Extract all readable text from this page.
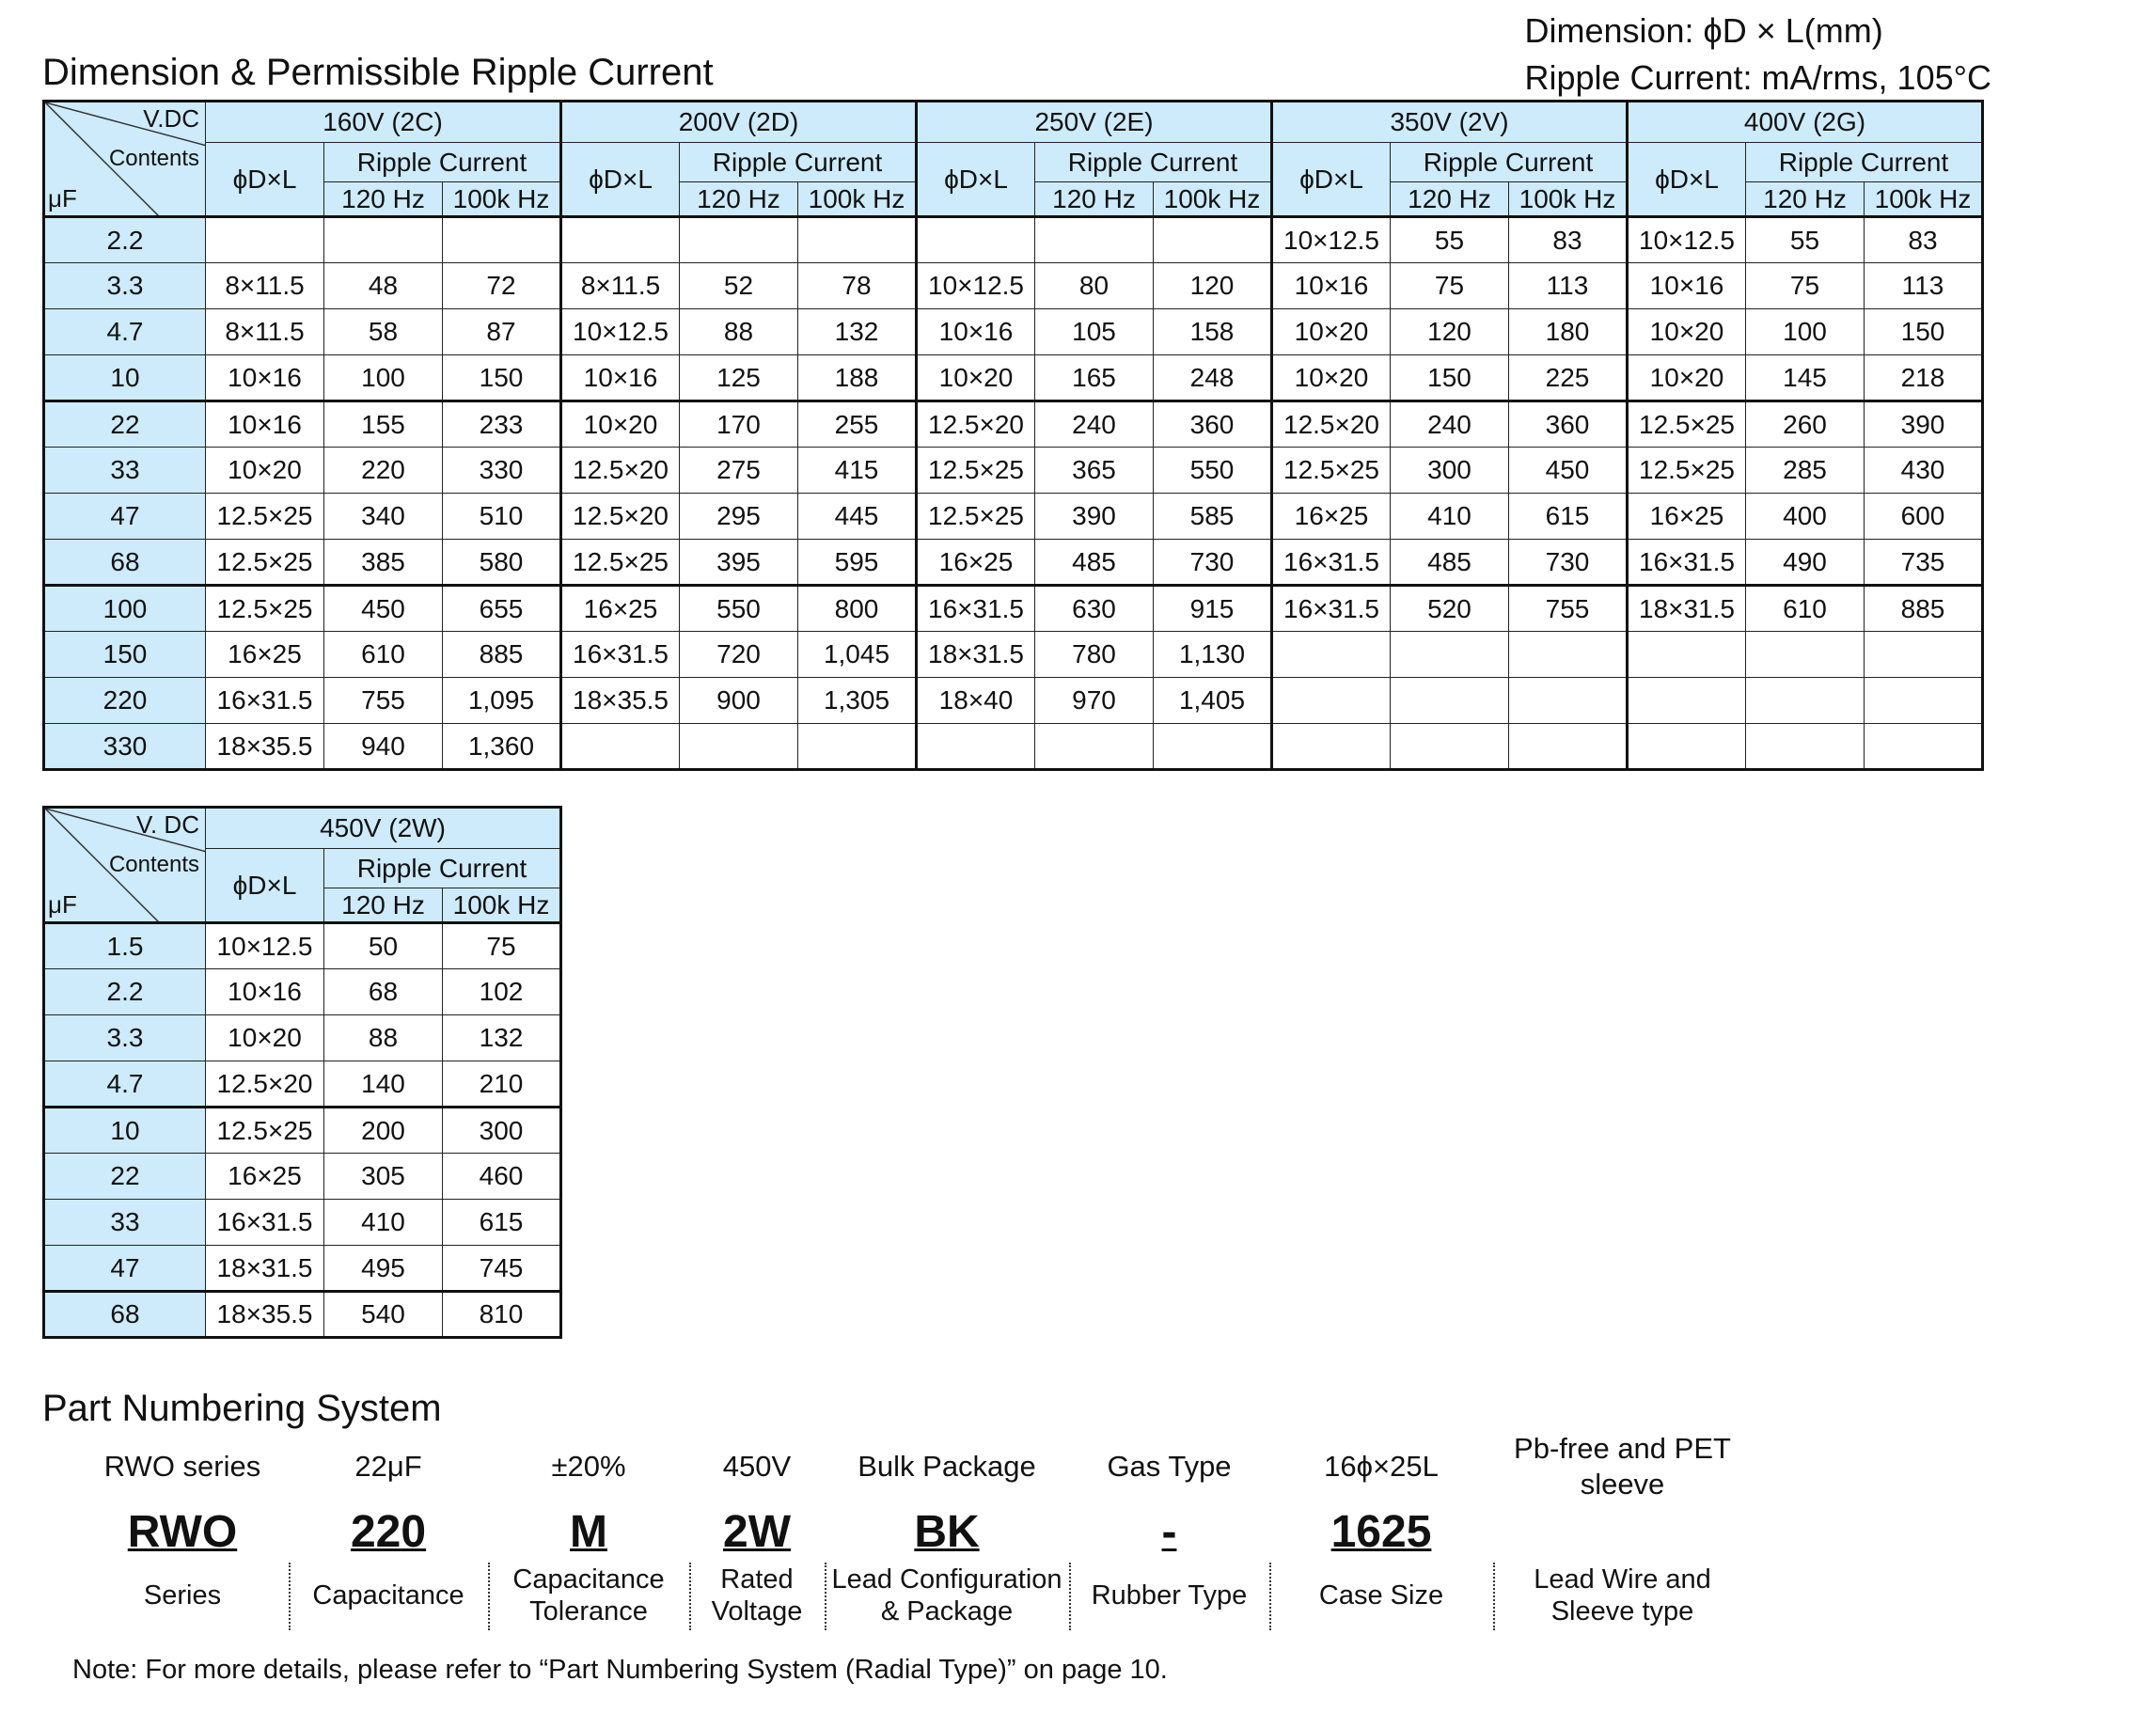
Dimension & Permissible Ripple Current
Dimension: ϕD × L(mm)
Ripple Current: mA/rms, 105°C
V.DC
Contents
μF	160V (2C)			200V (2D)			250V (2E)			350V (2V)			400V (2G)		
	ϕD×L	Ripple Current		ϕD×L	Ripple Current		ϕD×L	Ripple Current		ϕD×L	Ripple Current		ϕD×L	Ripple Current	
		120 Hz	100k Hz		120 Hz	100k Hz		120 Hz	100k Hz		120 Hz	100k Hz		120 Hz	100k Hz
2.2										10×12.5	55	83	10×12.5	55	83
3.3	8×11.5	48	72	8×11.5	52	78	10×12.5	80	120	10×16	75	113	10×16	75	113
4.7	8×11.5	58	87	10×12.5	88	132	10×16	105	158	10×20	120	180	10×20	100	150
10	10×16	100	150	10×16	125	188	10×20	165	248	10×20	150	225	10×20	145	218
22	10×16	155	233	10×20	170	255	12.5×20	240	360	12.5×20	240	360	12.5×25	260	390
33	10×20	220	330	12.5×20	275	415	12.5×25	365	550	12.5×25	300	450	12.5×25	285	430
47	12.5×25	340	510	12.5×20	295	445	12.5×25	390	585	16×25	410	615	16×25	400	600
68	12.5×25	385	580	12.5×25	395	595	16×25	485	730	16×31.5	485	730	16×31.5	490	735
100	12.5×25	450	655	16×25	550	800	16×31.5	630	915	16×31.5	520	755	18×31.5	610	885
150	16×25	610	885	16×31.5	720	1,045	18×31.5	780	1,130						
220	16×31.5	755	1,095	18×35.5	900	1,305	18×40	970	1,405						
330	18×35.5	940	1,360												
V. DC
Contents
μF	450V (2W)		
	ϕD×L	Ripple Current	
		120 Hz	100k Hz
1.5	10×12.5	50	75
2.2	10×16	68	102
3.3	10×20	88	132
4.7	12.5×20	140	210
10	12.5×25	200	300
22	16×25	305	460
33	16×31.5	410	615
47	18×31.5	495	745
68	18×35.5	540	810
Part Numbering System
RWO series
RWO
Series
22μF
220
Capacitance
±20%
M
Capacitance Tolerance
450V
2W
Rated Voltage
Bulk Package
BK
Lead Configuration & Package
Gas Type
-
Rubber Type
16ϕ×25L
1625
Case Size
Pb-free and PET sleeve
Lead Wire and Sleeve type
Note: For more details, please refer to “Part Numbering System (Radial Type)” on page 10.
